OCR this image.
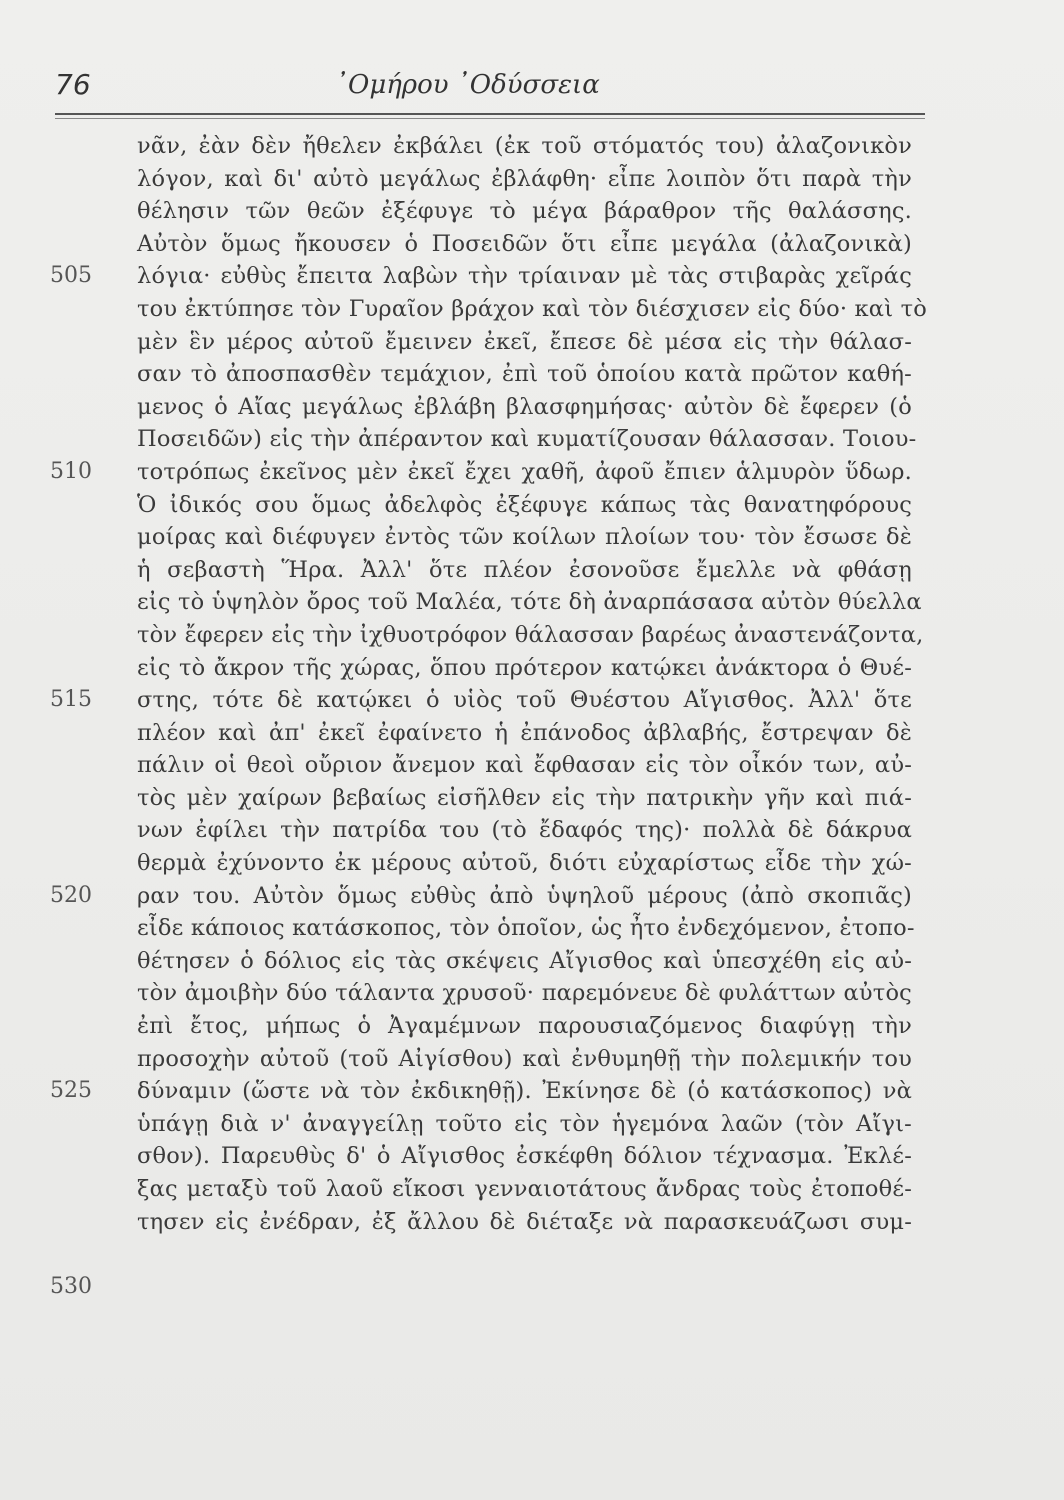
76	᾿Ομήρου ᾿Οδύσσεια
505
510
515
520
525
530
νᾶν, ἐὰν δὲν ἤθελεν ἐκβάλει (ἐκ τοῦ στόματός του) ἀλαζονικὸν
λόγον, καὶ δι' αὐτὸ μεγάλως ἐβλάφθη· εἶπε λοιπὸν ὅτι παρὰ τὴν
θέλησιν τῶν θεῶν ἐξέφυγε τὸ μέγα βάραθρον τῆς θαλάσσης.
Αὐτὸν ὅμως ἤκουσεν ὁ Ποσειδῶν ὅτι εἶπε μεγάλα (ἀλαζονικὰ)
λόγια· εὐθὺς ἔπειτα λαβὼν τὴν τρίαιναν μὲ τὰς στιβαρὰς χεῖράς
του ἐκτύπησε τὸν Γυραῖον βράχον καὶ τὸν διέσχισεν εἰς δύο· καὶ τὸ
μὲν ἓν μέρος αὐτοῦ ἔμεινεν ἐκεῖ, ἔπεσε δὲ μέσα εἰς τὴν θάλασ-
σαν τὸ ἀποσπασθὲν τεμάχιον, ἐπὶ τοῦ ὁποίου κατὰ πρῶτον καθή-
μενος ὁ Αἴας μεγάλως ἐβλάβη βλασφημήσας· αὐτὸν δὲ ἔφερεν (ὁ
Ποσειδῶν) εἰς τὴν ἀπέραντον καὶ κυματίζουσαν θάλασσαν. Τοιου-
τοτρόπως ἐκεῖνος μὲν ἐκεῖ ἔχει χαθῆ, ἀφοῦ ἔπιεν ἁλμυρὸν ὕδωρ.
Ὁ ἰδικός σου ὅμως ἀδελφὸς ἐξέφυγε κάπως τὰς θανατηφόρους
μοίρας καὶ διέφυγεν ἐντὸς τῶν κοίλων πλοίων του· τὸν ἔσωσε δὲ
ἡ σεβαστὴ Ἥρα. Ἀλλ' ὅτε πλέον ἐσονοῦσε ἔμελλε νὰ φθάσῃ
εἰς τὸ ὑψηλὸν ὄρος τοῦ Μαλέα, τότε δὴ ἀναρπάσασα αὐτὸν θύελλα
τὸν ἔφερεν εἰς τὴν ἰχθυοτρόφον θάλασσαν βαρέως ἀναστενάζοντα,
εἰς τὸ ἄκρον τῆς χώρας, ὅπου πρότερον κατῴκει ἀνάκτορα ὁ Θυέ-
στης, τότε δὲ κατῴκει ὁ υἱὸς τοῦ Θυέστου Αἴγισθος. Ἀλλ' ὅτε
πλέον καὶ ἀπ' ἐκεῖ ἐφαίνετο ἡ ἐπάνοδος ἀβλαβής, ἔστρεψαν δὲ
πάλιν οἱ θεοὶ οὔριον ἄνεμον καὶ ἔφθασαν εἰς τὸν οἶκόν των, αὐ-
τὸς μὲν χαίρων βεβαίως εἰσῆλθεν εἰς τὴν πατρικὴν γῆν καὶ πιά-
νων ἐφίλει τὴν πατρίδα του (τὸ ἔδαφός της)· πολλὰ δὲ δάκρυα
θερμὰ ἐχύνοντο ἐκ μέρους αὐτοῦ, διότι εὐχαρίστως εἶδε τὴν χώ-
ραν του. Αὐτὸν ὅμως εὐθὺς ἀπὸ ὑψηλοῦ μέρους (ἀπὸ σκοπιᾶς)
εἶδε κάποιος κατάσκοπος, τὸν ὁποῖον, ὡς ἦτο ἐνδεχόμενον, ἐτοπο-
θέτησεν ὁ δόλιος εἰς τὰς σκέψεις Αἴγισθος καὶ ὑπεσχέθη εἰς αὐ-
τὸν ἀμοιβὴν δύο τάλαντα χρυσοῦ· παρεμόνευε δὲ φυλάττων αὐτὸς
ἐπὶ ἔτος, μήπως ὁ Ἀγαμέμνων παρουσιαζόμενος διαφύγῃ τὴν
προσοχὴν αὐτοῦ (τοῦ Αἰγίσθου) καὶ ἐνθυμηθῇ τὴν πολεμικήν του
δύναμιν (ὥστε νὰ τὸν ἐκδικηθῇ). Ἐκίνησε δὲ (ὁ κατάσκοπος) νὰ
ὑπάγῃ διὰ ν' ἀναγγείλῃ τοῦτο εἰς τὸν ἡγεμόνα λαῶν (τὸν Αἴγι-
σθον). Παρευθὺς δ' ὁ Αἴγισθος ἐσκέφθη δόλιον τέχνασμα. Ἐκλέ-
ξας μεταξὺ τοῦ λαοῦ εἴκοσι γενναιοτάτους ἄνδρας τοὺς ἐτοποθέ-
τησεν εἰς ἐνέδραν, ἐξ ἄλλου δὲ διέταξε νὰ παρασκευάζωσι συμ-
